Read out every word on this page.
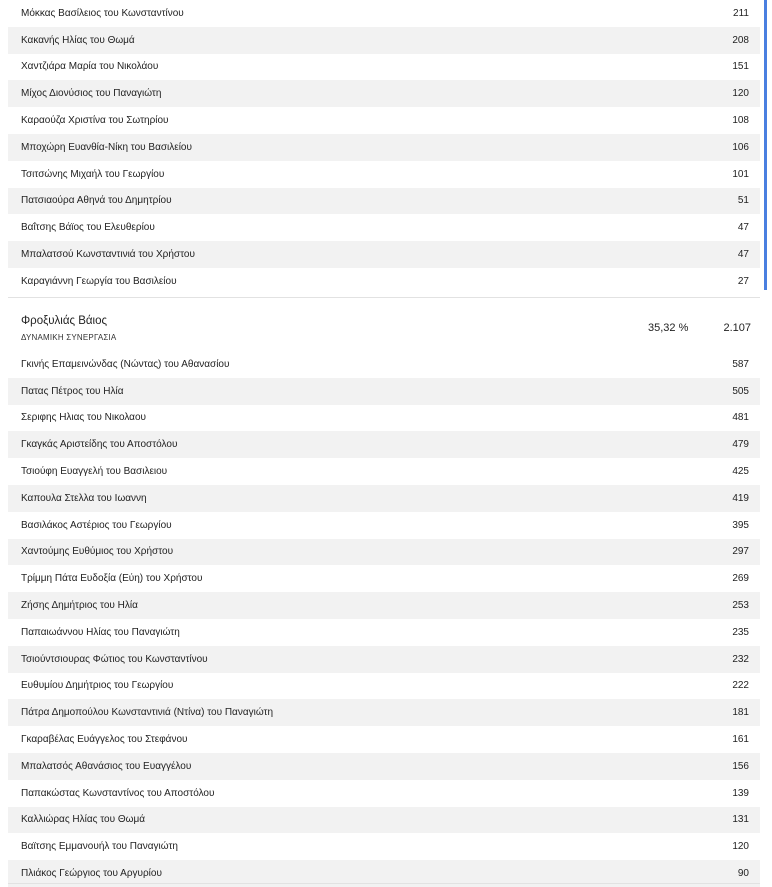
Μόκκας Βασίλειος του Κωνσταντίνου	211
Κακανής Ηλίας του Θωμά	208
Χαντζιάρα Μαρία του Νικολάου	151
Μίχος Διονύσιος του Παναγιώτη	120
Καραούζα Χριστίνα του Σωτηρίου	108
Μποχώρη Ευανθία-Νίκη του Βασιλείου	106
Τσιτσώνης Μιχαήλ του Γεωργίου	101
Πατσιαούρα Αθηνά του Δημητρίου	51
Βαΐτσης Βάϊος του Ελευθερίου	47
Μπαλατσού Κωνσταντινιά του Χρήστου	47
Καραγιάννη Γεωργία του Βασιλείου	27
Φροξυλιάς Βάιος
ΔΥΝΑΜΙΚΗ ΣΥΝΕΡΓΑΣΙΑ
35,32 %	2.107
Γκινής Επαμεινώνδας (Νώντας) του Αθανασίου	587
Πατας Πέτρος του Ηλία	505
Σεριφης Ηλιας του Νικολαου	481
Γκαγκάς Αριστείδης του Αποστόλου	479
Τσιούφη Ευαγγελή του Βασιλειου	425
Καπουλα Στελλα του Ιωαννη	419
Βασιλάκος Αστέριος του Γεωργίου	395
Χαντούμης Ευθύμιος του Χρήστου	297
Τρίμμη Πάτα Ευδοξία (Εύη) του Χρήστου	269
Ζήσης Δημήτριος του Ηλία	253
Παπαιωάννου Ηλίας του Παναγιώτη	235
Τσιούντσιουρας Φώτιος του Κωνσταντίνου	232
Ευθυμίου Δημήτριος του Γεωργίου	222
Πάτρα Δημοπούλου Κωνσταντινιά (Ντίνα) του Παναγιώτη	181
Γκαραβέλας Ευάγγελος του Στεφάνου	161
Μπαλατσός Αθανάσιος του Ευαγγέλου	156
Παπακώστας Κωνσταντίνος του Αποστόλου	139
Καλλιώρας Ηλίας του Θωμά	131
Βαϊτσης Εμμανουήλ του Παναγιώτη	120
Πλιάκος Γεώργιος του Αργυρίου	90
